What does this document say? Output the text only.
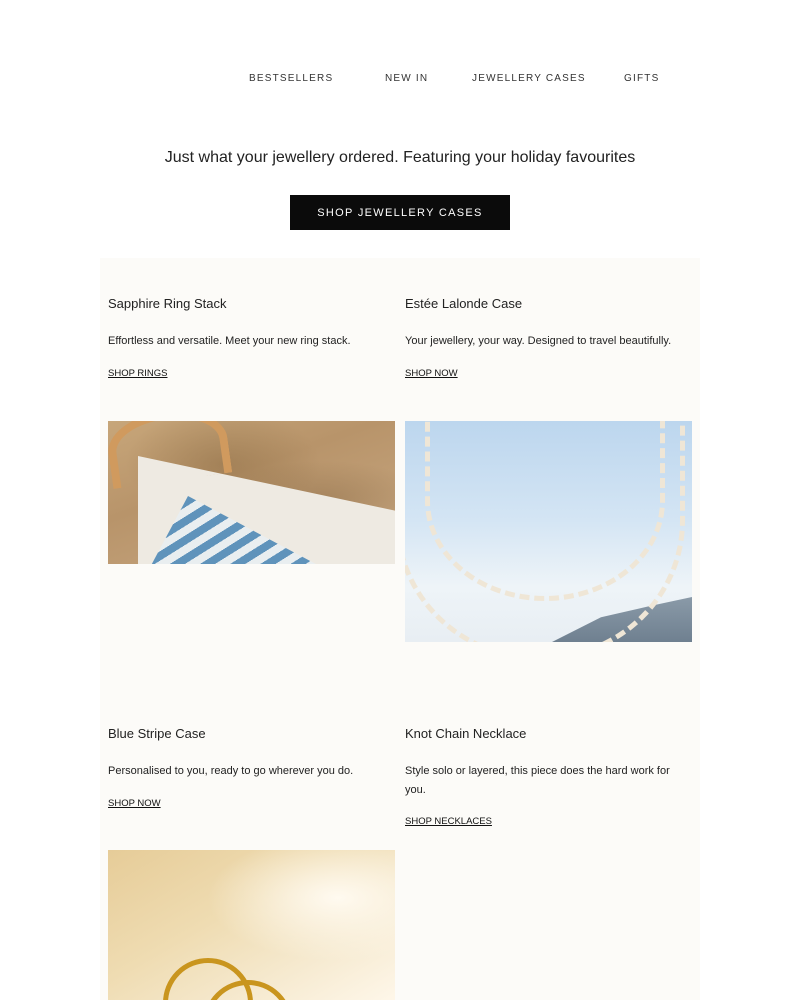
BESTSELLERS	NEW IN	JEWELLERY CASES	GIFTS
Just what your jewellery ordered. Featuring your holiday favourites
SHOP JEWELLERY CASES
Sapphire Ring Stack
Effortless and versatile. Meet your new ring stack.
SHOP RINGS
Estée Lalonde Case
Your jewellery, your way. Designed to travel beautifully.
SHOP NOW
Blue Stripe Case
Personalised to you, ready to go wherever you do.
SHOP NOW
Knot Chain Necklace
Style solo or layered, this piece does the hard work for you.
SHOP NECKLACES
